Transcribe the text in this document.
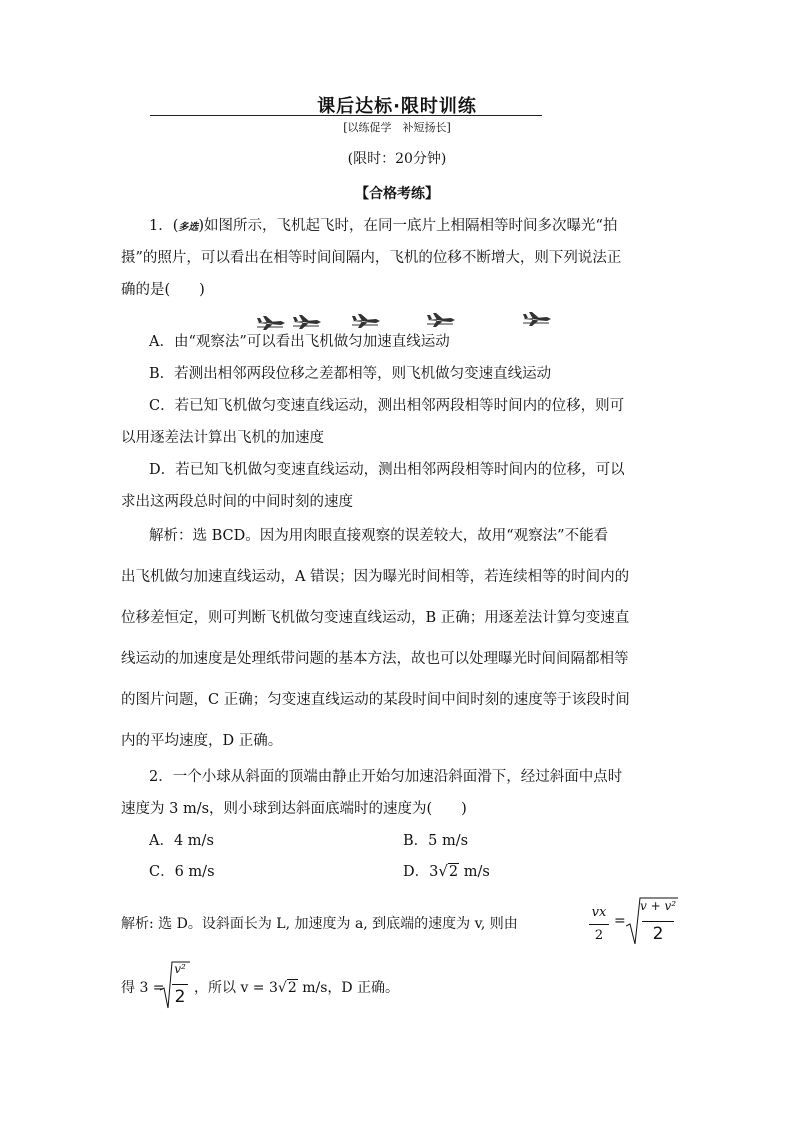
课后达标·限时训练
[以练促学　补短扬长]
(限时：20分钟)
【合格考练】
1．(多选)如图所示，飞机起飞时，在同一底片上相隔相等时间多次曝光“拍
摄”的照片，可以看出在相等时间间隔内，飞机的位移不断增大，则下列说法正
确的是(　　)
A．由“观察法”可以看出飞机做匀加速直线运动
B．若测出相邻两段位移之差都相等，则飞机做匀变速直线运动
C．若已知飞机做匀变速直线运动，测出相邻两段相等时间内的位移，则可
以用逐差法计算出飞机的加速度
D．若已知飞机做匀变速直线运动，测出相邻两段相等时间内的位移，可以
求出这两段总时间的中间时刻的速度
解析：选 BCD。因为用肉眼直接观察的误差较大，故用“观察法”不能看
出飞机做匀加速直线运动，A 错误；因为曝光时间相等，若连续相等的时间内的
位移差恒定，则可判断飞机做匀变速直线运动，B 正确；用逐差法计算匀变速直
线运动的加速度是处理纸带问题的基本方法，故也可以处理曝光时间间隔都相等
的图片问题，C 正确；匀变速直线运动的某段时间中间时刻的速度等于该段时间
内的平均速度，D 正确。
2．一个小球从斜面的顶端由静止开始匀加速沿斜面滑下，经过斜面中点时
速度为 3 m/s，则小球到达斜面底端时的速度为(　　)
A．4 m/s	B．5 m/s
C．6 m/s	D．3√2 m/s
解析: 选 D。设斜面长为 L, 加速度为 a, 到底端的速度为 v, 则由
vx
2
=
v + v²
2
得 3 =
v²
2 ，所以 v = 3√2 m/s，D 正确。
